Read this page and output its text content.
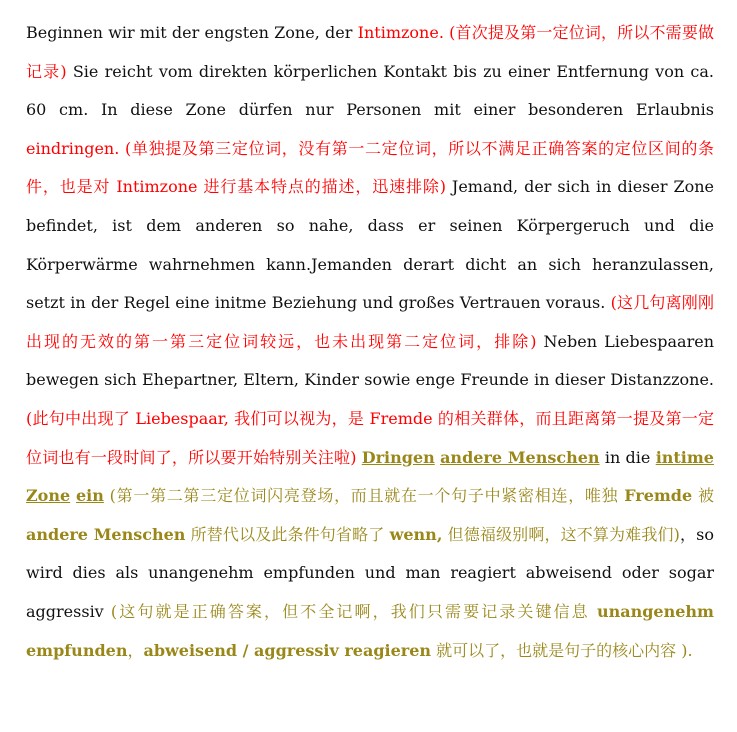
Beginnen wir mit der engsten Zone, der Intimzone. (首次提及第一定位词，所以不需要做记录) Sie reicht vom direkten körperlichen Kontakt bis zu einer Entfernung von ca. 60 cm. In diese Zone dürfen nur Personen mit einer besonderen Erlaubnis eindringen. (单独提及第三定位词，没有第一二定位词，所以不满足正确答案的定位区间的条件，也是对 Intimzone 进行基本特点的描述，迅速排除) Jemand, der sich in dieser Zone befindet, ist dem anderen so nahe, dass er seinen Körpergeruch und die Körperwärme wahrnehmen kann.Jemanden derart dicht an sich heranzulassen, setzt in der Regel eine initme Beziehung und großes Vertrauen voraus. (这几句离刚刚出现的无效的第一第三定位词较远，也未出现第二定位词，排除) Neben Liebespaaren bewegen sich Ehepartner, Eltern, Kinder sowie enge Freunde in dieser Distanzzone. (此句中出现了 Liebespaar, 我们可以视为，是 Fremde 的相关群体，而且距离第一提及第一定位词也有一段时间了，所以要开始特别关注啦) Dringen andere Menschen in die intime Zone ein (第一第二第三定位词闪亮登场，而且就在一个句子中紧密相连，唯独 Fremde 被 andere Menschen 所替代以及此条件句省略了 wenn, 但德福级别啊，这不算为难我们)，so wird dies als unangenehm empfunden und man reagiert abweisend oder sogar aggressiv (这句就是正确答案，但不全记啊，我们只需要记录关键信息 unangenehm empfunden，abweisend / aggressiv reagieren 就可以了，也就是句子的核心内容 ).
